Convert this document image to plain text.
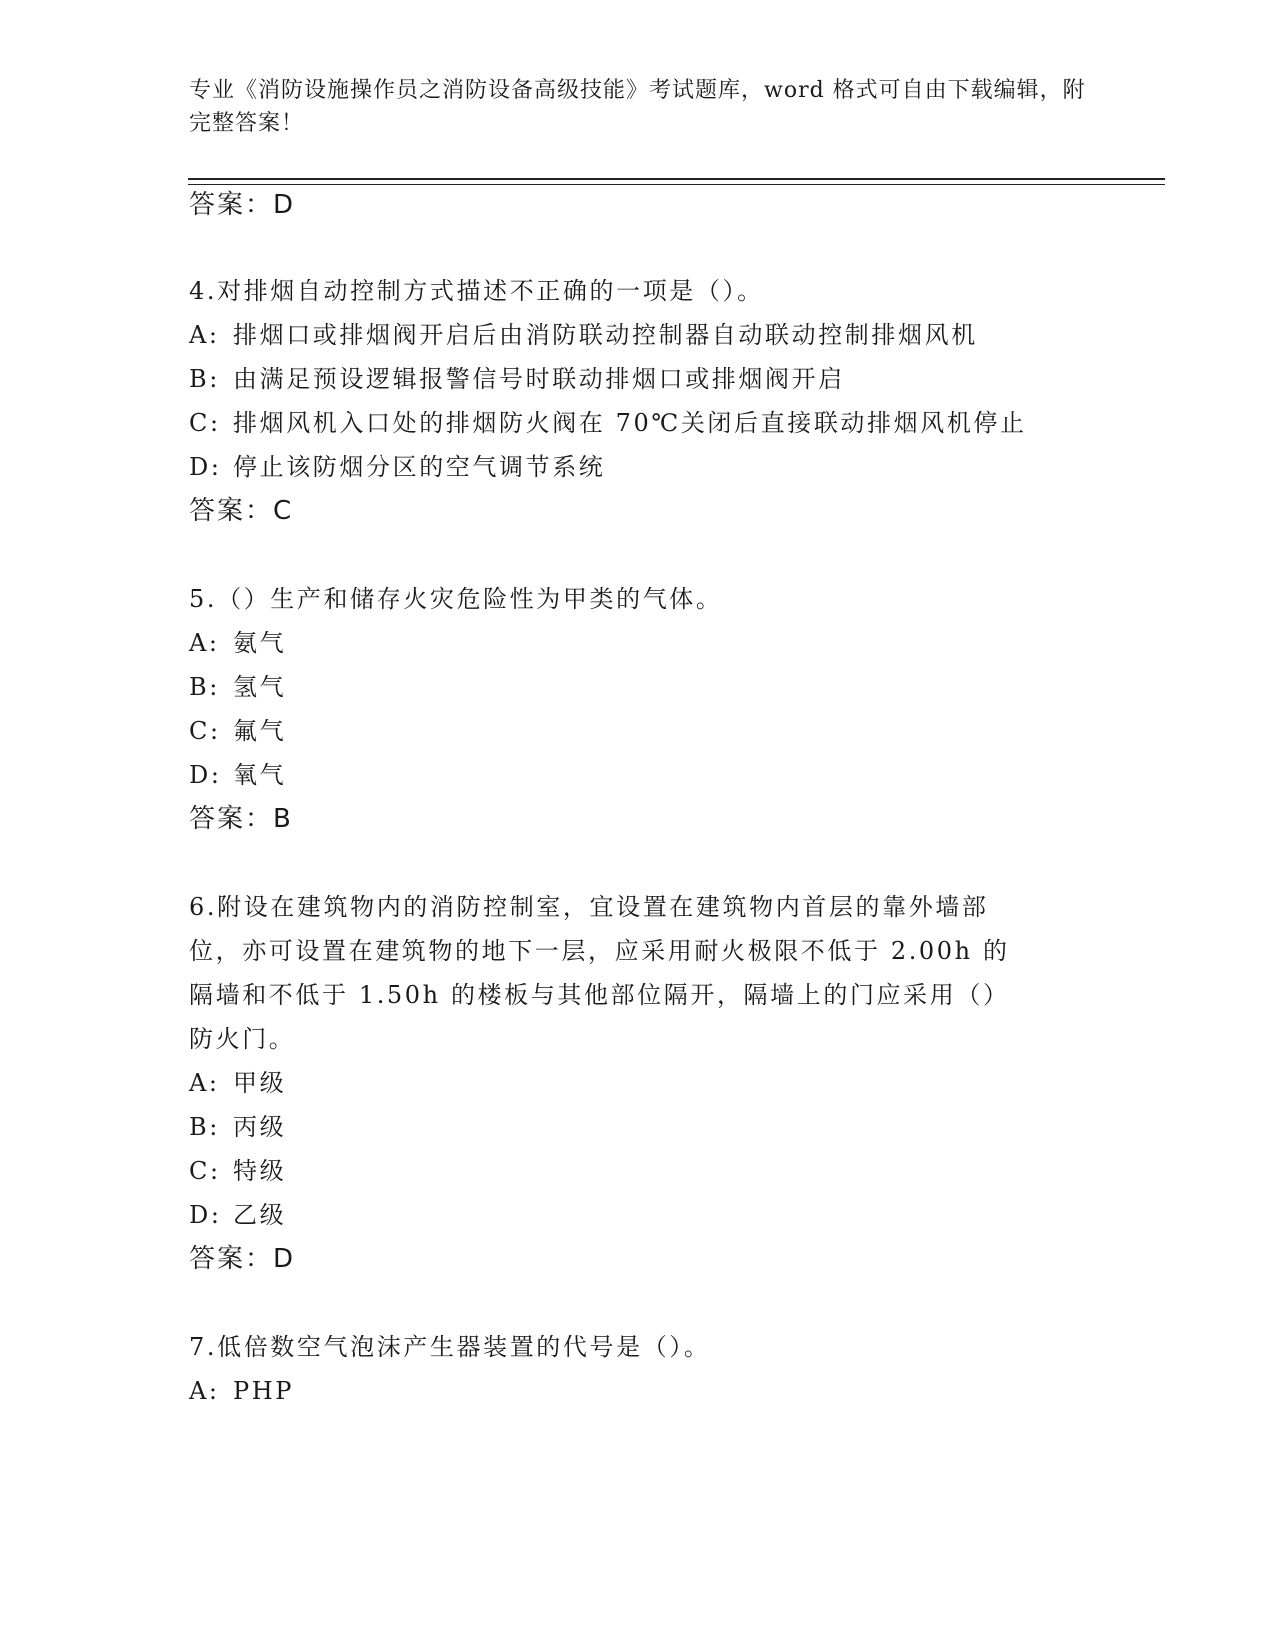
专业《消防设施操作员之消防设备高级技能》考试题库，word 格式可自由下载编辑，附完整答案！
答案：D
4.对排烟自动控制方式描述不正确的一项是（）。
A: 排烟口或排烟阀开启后由消防联动控制器自动联动控制排烟风机
B: 由满足预设逻辑报警信号时联动排烟口或排烟阀开启
C: 排烟风机入口处的排烟防火阀在 70℃关闭后直接联动排烟风机停止
D: 停止该防烟分区的空气调节系统
答案：C
5.（）生产和储存火灾危险性为甲类的气体。
A: 氨气
B: 氢气
C: 氟气
D: 氧气
答案：B
6.附设在建筑物内的消防控制室，宜设置在建筑物内首层的靠外墙部
位，亦可设置在建筑物的地下一层，应采用耐火极限不低于 2.00h 的
隔墙和不低于 1.50h 的楼板与其他部位隔开，隔墙上的门应采用（）
防火门。
A: 甲级
B: 丙级
C: 特级
D: 乙级
答案：D
7.低倍数空气泡沫产生器装置的代号是（）。
A: PHP
